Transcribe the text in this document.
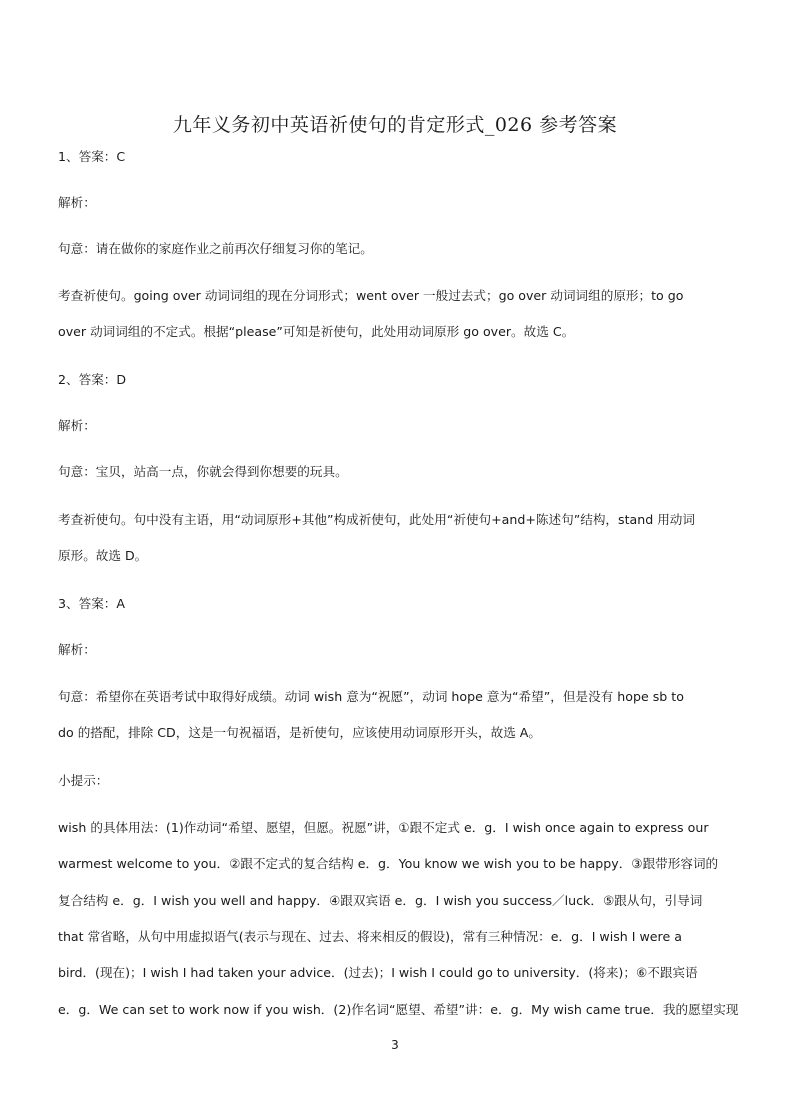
九年义务初中英语祈使句的肯定形式_026 参考答案
1、答案：C
解析：
句意：请在做你的家庭作业之前再次仔细复习你的笔记。
考查祈使句。going over 动词词组的现在分词形式；went over 一般过去式；go over 动词词组的原形；to go
over 动词词组的不定式。根据“please”可知是祈使句，此处用动词原形 go over。故选 C。
2、答案：D
解析：
句意：宝贝，站高一点，你就会得到你想要的玩具。
考查祈使句。句中没有主语，用“动词原形+其他”构成祈使句，此处用“祈使句+and+陈述句”结构，stand 用动词
原形。故选 D。
3、答案：A
解析：
句意：希望你在英语考试中取得好成绩。动词 wish 意为“祝愿”，动词 hope 意为“希望”，但是没有 hope sb to
do 的搭配，排除 CD，这是一句祝福语，是祈使句，应该使用动词原形开头，故选 A。
小提示：
wish 的具体用法：(1)作动词“希望、愿望，但愿。祝愿”讲，①跟不定式 e．g．I wish once again to express our
warmest welcome to you．②跟不定式的复合结构 e．g．You know we wish you to be happy．③跟带形容词的
复合结构 e．g．I wish you well and happy．④跟双宾语 e．g．I wish you success／luck．⑤跟从句，引导词
that 常省略，从句中用虚拟语气(表示与现在、过去、将来相反的假设)，常有三种情况：e．g．I wish I were a
bird．(现在)；I wish I had taken your advice．(过去)；I wish I could go to university．(将来)；⑥不跟宾语
e．g．We can set to work now if you wish．(2)作名词“愿望、希望”讲：e．g．My wish came true．我的愿望实现
3
